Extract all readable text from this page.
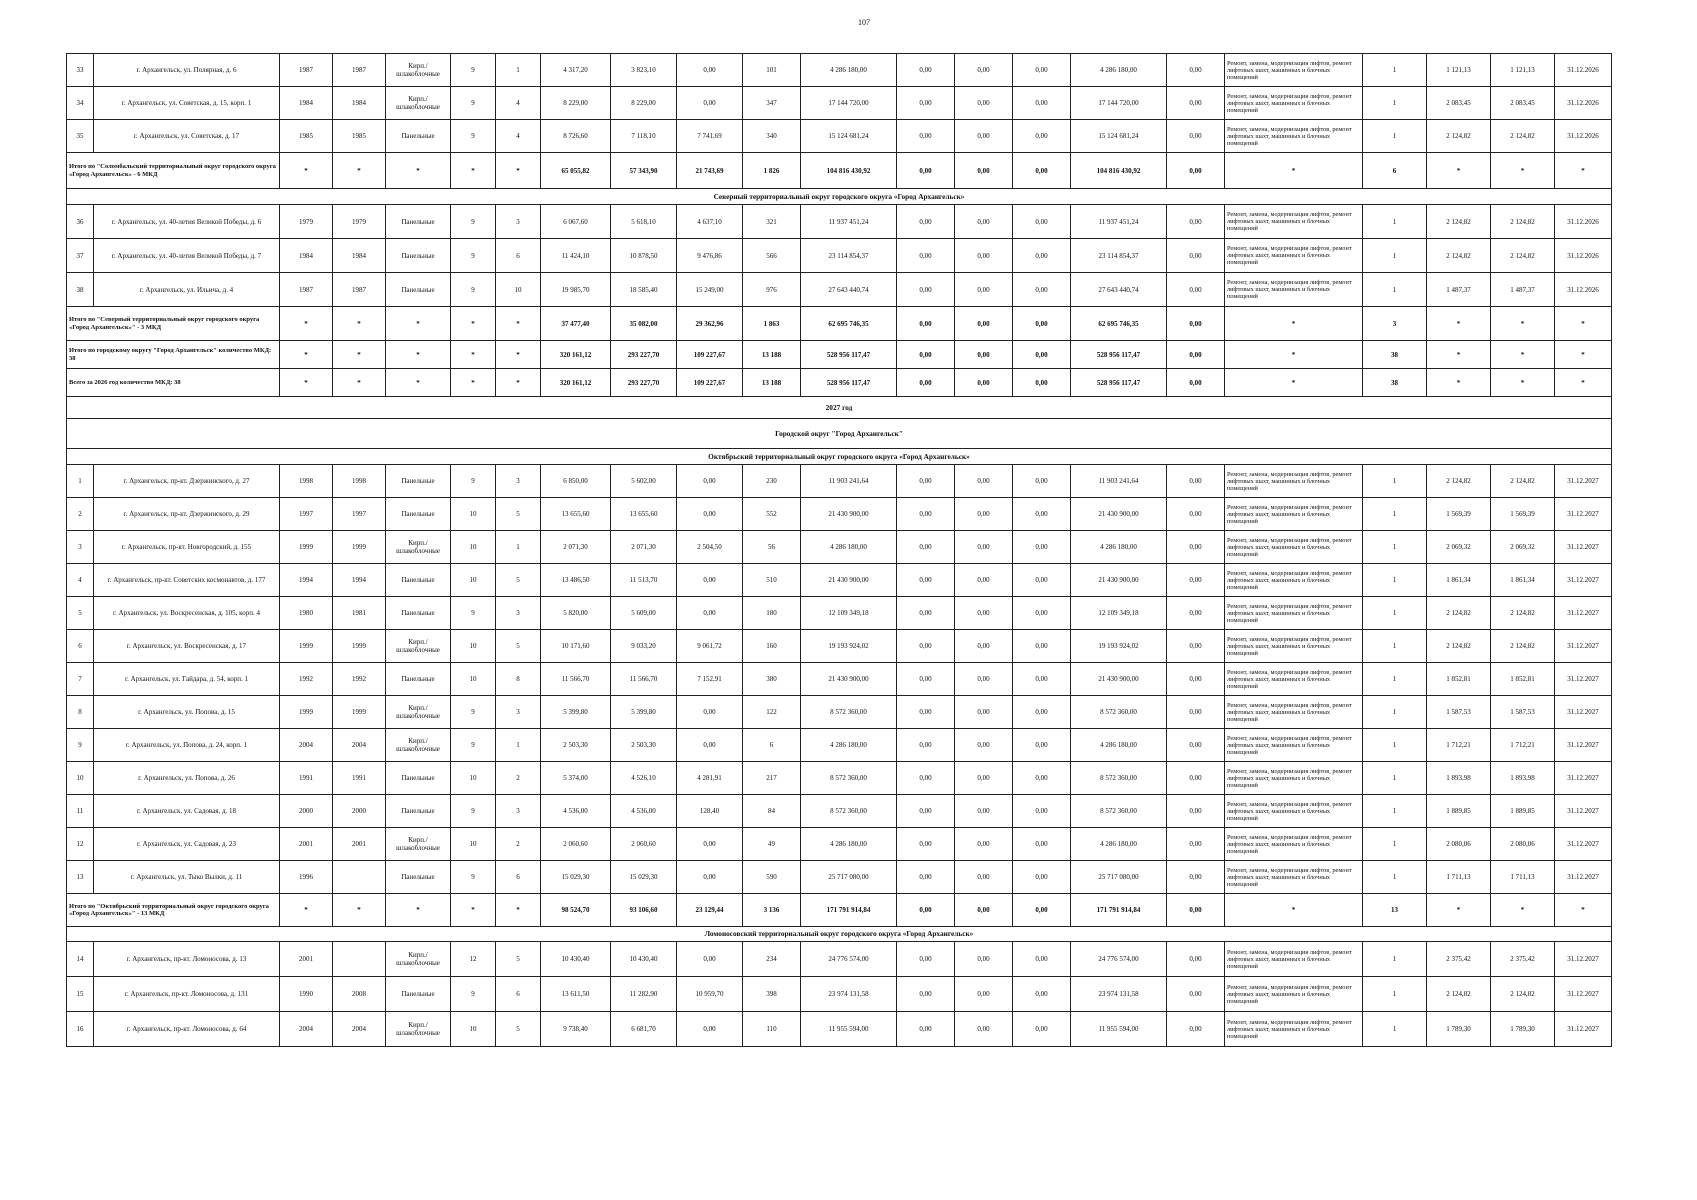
107
33	г. Архангельск, ул. Полярная, д. 6	1987	1987	Кирп./ шлакоблочные	9	1	4 317,20	3 823,10	0,00	101	4 286 180,00	0,00	0,00	0,00	4 286 180,00	0,00	Ремонт, замена, модернизация лифтов, ремонт лифтовых шахт, машинных и блочных помещений	1	1 121,13	1 121,13	31.12.2026
34	г. Архангельск, ул. Советская, д. 15, корп. 1	1984	1984	Кирп./ шлакоблочные	9	4	8 229,00	8 229,00	0,00	347	17 144 720,00	0,00	0,00	0,00	17 144 720,00	0,00	Ремонт, замена, модернизация лифтов, ремонт лифтовых шахт, машинных и блочных помещений	1	2 083,45	2 083,45	31.12.2026
35	г. Архангельск, ул. Советская, д. 17	1985	1985	Панельные	9	4	8 726,60	7 118,10	7 741,69	340	15 124 681,24	0,00	0,00	0,00	15 124 681,24	0,00	Ремонт, замена, модернизация лифтов, ремонт лифтовых шахт, машинных и блочных помещений	1	2 124,82	2 124,82	31.12.2026
Итого по "Соломбальский территориальный округ городского округа «Город Архангельск» - 6 МКД		*	*	*	*	*	65 055,82	57 343,90	21 743,69	1 826	104 816 430,92	0,00	0,00	0,00	104 816 430,92	0,00	*	6	*	*	*
Северный территориальный округ городского округа «Город Архангельск»																					
36	г. Архангельск, ул. 40-летия Великой Победы, д. 6	1979	1979	Панельные	9	3	6 067,60	5 618,10	4 637,10	321	11 937 451,24	0,00	0,00	0,00	11 937 451,24	0,00	Ремонт, замена, модернизация лифтов, ремонт лифтовых шахт, машинных и блочных помещений	1	2 124,82	2 124,82	31.12.2026
37	г. Архангельск, ул. 40-летия Великой Победы, д. 7	1984	1984	Панельные	9	6	11 424,10	10 878,50	9 476,86	566	23 114 854,37	0,00	0,00	0,00	23 114 854,37	0,00	Ремонт, замена, модернизация лифтов, ремонт лифтовых шахт, машинных и блочных помещений	1	2 124,82	2 124,82	31.12.2026
38	г. Архангельск, ул. Ильича, д. 4	1987	1987	Панельные	9	10	19 985,70	18 585,40	15 249,00	976	27 643 440,74	0,00	0,00	0,00	27 643 440,74	0,00	Ремонт, замена, модернизация лифтов, ремонт лифтовых шахт, машинных и блочных помещений	1	1 487,37	1 487,37	31.12.2026
Итого по "Северный территориальный округ городского округа «Город Архангельск»" - 3 МКД		*	*	*	*	*	37 477,40	35 082,00	29 362,96	1 863	62 695 746,35	0,00	0,00	0,00	62 695 746,35	0,00	*	3	*	*	*
Итого по городскому округу "Город Архангельск" количество МКД: 38		*	*	*	*	*	320 161,12	293 227,70	109 227,67	13 188	528 956 117,47	0,00	0,00	0,00	528 956 117,47	0,00	*	38	*	*	*
Всего за 2026 год количество МКД: 38		*	*	*	*	*	320 161,12	293 227,70	109 227,67	13 188	528 956 117,47	0,00	0,00	0,00	528 956 117,47	0,00	*	38	*	*	*
2027 год																					
Городской округ "Город Архангельск"																					
Октябрьский территориальный округ городского округа «Город Архангельск»																					
1	г. Архангельск, пр-кт. Дзержинского, д. 27	1998	1998	Панельные	9	3	6 850,00	5 602,00	0,00	230	11 903 241,64	0,00	0,00	0,00	11 903 241,64	0,00	Ремонт, замена, модернизация лифтов, ремонт лифтовых шахт, машинных и блочных помещений	1	2 124,82	2 124,82	31.12.2027
2	г. Архангельск, пр-кт. Дзержинского, д. 29	1997	1997	Панельные	10	5	13 655,60	13 655,60	0,00	552	21 430 900,00	0,00	0,00	0,00	21 430 900,00	0,00	Ремонт, замена, модернизация лифтов, ремонт лифтовых шахт, машинных и блочных помещений	1	1 569,39	1 569,39	31.12.2027
3	г. Архангельск, пр-кт. Новгородский, д. 155	1999	1999	Кирп./ шлакоблочные	10	1	2 071,30	2 071,30	2 504,50	56	4 286 180,00	0,00	0,00	0,00	4 286 180,00	0,00	Ремонт, замена, модернизация лифтов, ремонт лифтовых шахт, машинных и блочных помещений	1	2 069,32	2 069,32	31.12.2027
4	г. Архангельск, пр-кт. Советских космонавтов, д. 177	1994	1994	Панельные	10	5	13 486,50	11 513,70	0,00	510	21 430 900,00	0,00	0,00	0,00	21 430 900,00	0,00	Ремонт, замена, модернизация лифтов, ремонт лифтовых шахт, машинных и блочных помещений	1	1 861,34	1 861,34	31.12.2027
5	г. Архангельск, ул. Воскресенская, д. 105, корп. 4	1980	1981	Панельные	9	3	5 820,00	5 609,00	0,00	180	12 109 349,18	0,00	0,00	0,00	12 109 349,18	0,00	Ремонт, замена, модернизация лифтов, ремонт лифтовых шахт, машинных и блочных помещений	1	2 124,82	2 124,82	31.12.2027
6	г. Архангельск, ул. Воскресенская, д. 17	1999	1999	Кирп./ шлакоблочные	10	5	10 171,60	9 033,20	9 061,72	160	19 193 924,02	0,00	0,00	0,00	19 193 924,02	0,00	Ремонт, замена, модернизация лифтов, ремонт лифтовых шахт, машинных и блочных помещений	1	2 124,82	2 124,82	31.12.2027
7	г. Архангельск, ул. Гайдара, д. 54, корп. 1	1992	1992	Панельные	10	8	11 566,70	11 566,70	7 152,91	380	21 430 900,00	0,00	0,00	0,00	21 430 900,00	0,00	Ремонт, замена, модернизация лифтов, ремонт лифтовых шахт, машинных и блочных помещений	1	1 852,81	1 852,81	31.12.2027
8	г. Архангельск, ул. Попова, д. 15	1999	1999	Кирп./ шлакоблочные	9	3	5 399,80	5 399,80	0,00	122	8 572 360,00	0,00	0,00	0,00	8 572 360,00	0,00	Ремонт, замена, модернизация лифтов, ремонт лифтовых шахт, машинных и блочных помещений	1	1 587,53	1 587,53	31.12.2027
9	г. Архангельск, ул. Попова, д. 24, корп. 1	2004	2004	Кирп./ шлакоблочные	9	1	2 503,30	2 503,30	0,00	6	4 286 180,00	0,00	0,00	0,00	4 286 180,00	0,00	Ремонт, замена, модернизация лифтов, ремонт лифтовых шахт, машинных и блочных помещений	1	1 712,21	1 712,21	31.12.2027
10	г. Архангельск, ул. Попова, д. 26	1991	1991	Панельные	10	2	5 374,00	4 526,10	4 281,91	217	8 572 360,00	0,00	0,00	0,00	8 572 360,00	0,00	Ремонт, замена, модернизация лифтов, ремонт лифтовых шахт, машинных и блочных помещений	1	1 893,98	1 893,98	31.12.2027
11	г. Архангельск, ул. Садовая, д. 18	2000	2000	Панельные	9	3	4 536,00	4 536,00	128,40	84	8 572 360,00	0,00	0,00	0,00	8 572 360,00	0,00	Ремонт, замена, модернизация лифтов, ремонт лифтовых шахт, машинных и блочных помещений	1	1 889,85	1 889,85	31.12.2027
12	г. Архангельск, ул. Садовая, д. 23	2001	2001	Кирп./ шлакоблочные	10	2	2 060,60	2 060,60	0,00	49	4 286 180,00	0,00	0,00	0,00	4 286 180,00	0,00	Ремонт, замена, модернизация лифтов, ремонт лифтовых шахт, машинных и блочных помещений	1	2 080,06	2 080,06	31.12.2027
13	г. Архангельск, ул. Тыко Вылки, д. 11	1996		Панельные	9	6	15 029,30	15 029,30	0,00	590	25 717 080,00	0,00	0,00	0,00	25 717 080,00	0,00	Ремонт, замена, модернизация лифтов, ремонт лифтовых шахт, машинных и блочных помещений	1	1 711,13	1 711,13	31.12.2027
Итого по "Октябрьский территориальный округ городского округа «Город Архангельск»" - 13 МКД		*	*	*	*	*	98 524,70	93 106,60	23 129,44	3 136	171 791 914,84	0,00	0,00	0,00	171 791 914,84	0,00	*	13	*	*	*
Ломоносовский территориальный округ городского округа «Город Архангельск»																					
14	г. Архангельск, пр-кт. Ломоносова, д. 13	2001		Кирп./ шлакоблочные	12	5	10 430,40	10 430,40	0,00	234	24 776 574,00	0,00	0,00	0,00	24 776 574,00	0,00	Ремонт, замена, модернизация лифтов, ремонт лифтовых шахт, машинных и блочных помещений	1	2 375,42	2 375,42	31.12.2027
15	г. Архангельск, пр-кт. Ломоносова, д. 131	1990	2008	Панельные	9	6	13 611,50	11 282,90	10 959,70	398	23 974 131,58	0,00	0,00	0,00	23 974 131,58	0,00	Ремонт, замена, модернизация лифтов, ремонт лифтовых шахт, машинных и блочных помещений	1	2 124,82	2 124,82	31.12.2027
16	г. Архангельск, пр-кт. Ломоносова, д. 64	2004	2004	Кирп./ шлакоблочные	10	5	9 738,40	6 681,70	0,00	110	11 955 594,00	0,00	0,00	0,00	11 955 594,00	0,00	Ремонт, замена, модернизация лифтов, ремонт лифтовых шахт, машинных и блочных помещений	1	1 789,30	1 789,30	31.12.2027
